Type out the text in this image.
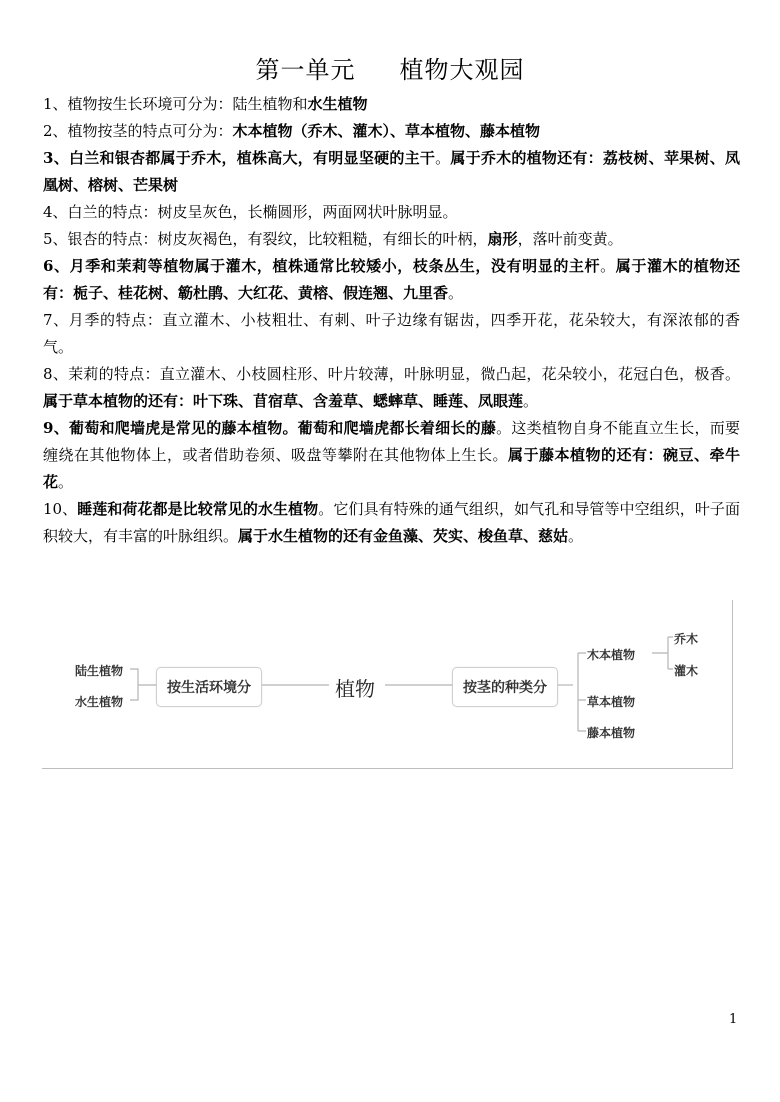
第一单元 植物大观园

1、植物按生长环境可分为：陆生植物和水生植物

2、植物按茎的特点可分为：木本植物（乔木、灌木）、草本植物、藤本植物

3、白兰和银杏都属于乔木，植株高大，有明显坚硬的主干。属于乔木的植物还有：荔枝树、苹果树、凤凰树、榕树、芒果树

4、白兰的特点：树皮呈灰色，长椭圆形，两面网状叶脉明显。

5、银杏的特点：树皮灰褐色，有裂纹，比较粗糙，有细长的叶柄，扇形，落叶前变黄。

6、月季和茉莉等植物属于灌木，植株通常比较矮小，枝条丛生，没有明显的主杆。属于灌木的植物还有：栀子、桂花树、簕杜鹃、大红花、黄榕、假连翘、九里香。

7、月季的特点：直立灌木、小枝粗壮、有刺、叶子边缘有锯齿，四季开花，花朵较大，有深浓郁的香气。

8、茉莉的特点：直立灌木、小枝圆柱形、叶片较薄，叶脉明显，微凸起，花朵较小，花冠白色，极香。属于草本植物的还有：叶下珠、苜宿草、含羞草、蟋蟀草、睡莲、凤眼莲。

9、葡萄和爬墙虎是常见的藤本植物。葡萄和爬墙虎都长着细长的藤。这类植物自身不能直立生长，而要缠绕在其他物体上，或者借助卷须、吸盘等攀附在其他物体上生长。属于藤本植物的还有：碗豆、牵牛花。

10、睡莲和荷花都是比较常见的水生植物。它们具有特殊的通气组织，如气孔和导管等中空组织，叶子面积较大，有丰富的叶脉组织。属于水生植物的还有金鱼藻、芡实、梭鱼草、慈姑。

陆生植物
水生植物
按生活环境分	植物	按茎的种类分
木本植物
草本植物
藤本植物
乔木
灌木
1
